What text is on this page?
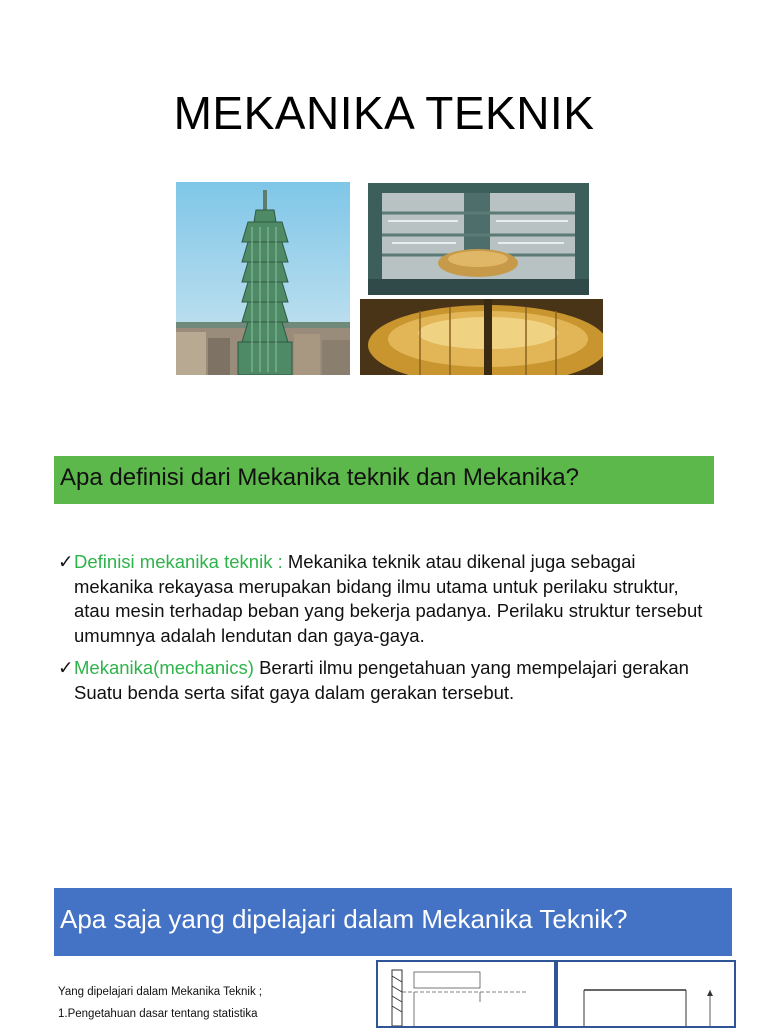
MEKANIKA TEKNIK
Apa definisi dari Mekanika teknik dan Mekanika?
✓ Definisi mekanika teknik : Mekanika teknik atau dikenal juga sebagai mekanika rekayasa merupakan bidang ilmu utama untuk perilaku struktur, atau mesin terhadap beban yang bekerja padanya. Perilaku struktur tersebut umumnya adalah lendutan dan gaya-gaya.
✓ Mekanika(mechanics) Berarti ilmu pengetahuan yang mempelajari gerakan Suatu benda serta sifat gaya dalam gerakan tersebut.
Apa saja yang dipelajari dalam Mekanika Teknik?
Yang dipelajari dalam Mekanika Teknik ;
1.Pengetahuan dasar tentang statistika
